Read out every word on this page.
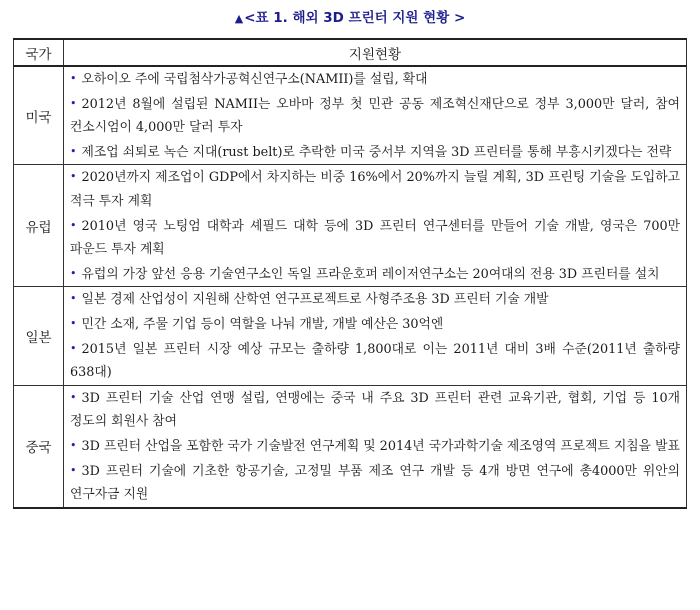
▲<표 1. 해외 3D 프린터 지원 현황 >
국가	지원현황
미국	• 오하이오 주에 국립첨삭가공혁신연구소(NAMII)를 설립, 확대
• 2012년 8월에 설립된 NAMII는 오바마 정부 첫 민관 공동 제조혁신재단으로 정부 3,000만 달러, 참여 컨소시엄이 4,000만 달러 투자
• 제조업 쇠퇴로 녹슨 지대(rust belt)로 추락한 미국 중서부 지역을 3D 프린터를 통해 부흥시키겠다는 전략

유럽	• 2020년까지 제조업이 GDP에서 차지하는 비중 16%에서 20%까지 늘릴 계획, 3D 프린팅 기술을 도입하고 적극 투자 계획
• 2010년 영국 노팅엄 대학과 셰필드 대학 등에 3D 프린터 연구센터를 만들어 기술 개발, 영국은 700만 파운드 투자 계획
• 유럽의 가장 앞선 응용 기술연구소인 독일 프라운호퍼 레이저연구소는 20여대의 전용 3D 프린터를 설치

일본	• 일본 경제 산업성이 지원해 산학연 연구프로젝트로 사형주조용 3D 프린터 기술 개발
• 민간 소재, 주물 기업 등이 역할을 나눠 개발, 개발 예산은 30억엔
• 2015년 일본 프린터 시장 예상 규모는 출하량 1,800대로 이는 2011년 대비 3배 수준(2011년 출하량 638대)

중국	• 3D 프린터 기술 산업 연맹 설립, 연맹에는 중국 내 주요 3D 프린터 관련 교육기관, 협회, 기업 등 10개 정도의 회원사 참여
• 3D 프린터 산업을 포함한 국가 기술발전 연구계획 및 2014년 국가과학기술 제조영역 프로젝트 지침을 발표
• 3D 프린터 기술에 기초한 항공기술, 고정밀 부품 제조 연구 개발 등 4개 방면 연구에 총4000만 위안의 연구자금 지원
